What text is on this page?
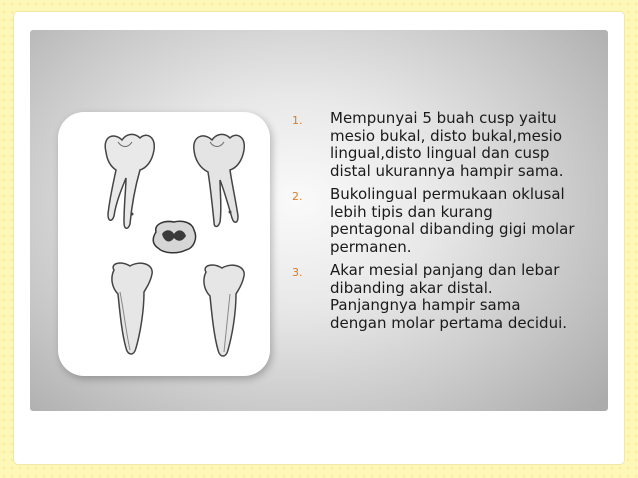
1.	Mempunyai 5 buah cusp yaitu mesio bukal, disto bukal,mesio lingual,disto lingual dan cusp distal ukurannya hampir sama.
2.	Bukolingual permukaan oklusal lebih tipis dan kurang pentagonal dibanding gigi molar permanen.
3.	Akar mesial panjang dan lebar dibanding akar distal. Panjangnya hampir sama dengan molar pertama decidui.
